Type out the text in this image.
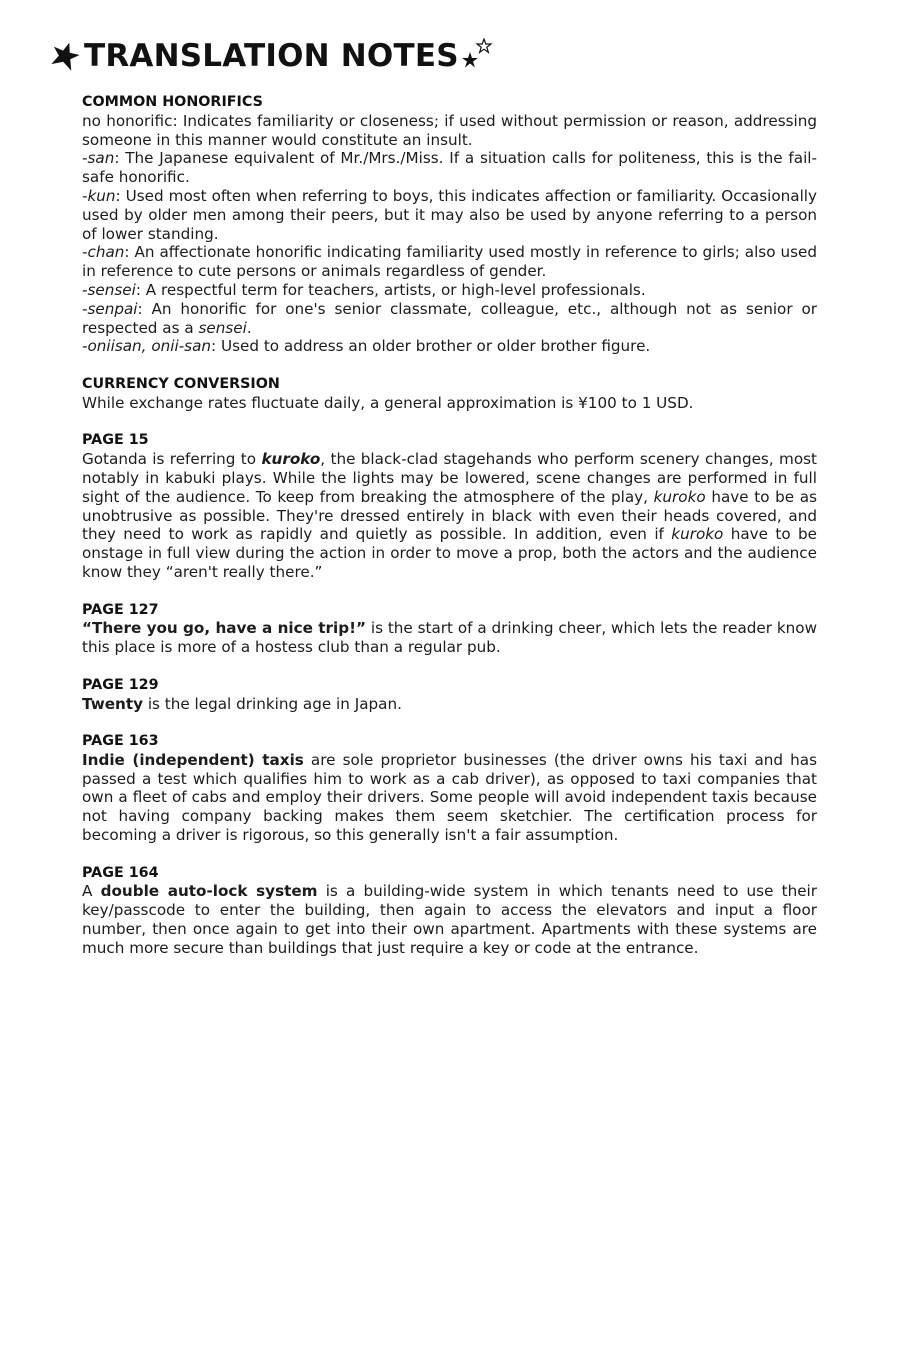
TRANSLATION NOTES
COMMON HONORIFICS

no honorific: Indicates familiarity or closeness; if used without permission or reason, addressing someone in this manner would constitute an insult.

-san: The Japanese equivalent of Mr./Mrs./Miss. If a situation calls for politeness, this is the fail-safe honorific.

-kun: Used most often when referring to boys, this indicates affection or familiarity. Occasionally used by older men among their peers, but it may also be used by anyone referring to a person of lower standing.

-chan: An affectionate honorific indicating familiarity used mostly in reference to girls; also used in reference to cute persons or animals regardless of gender.

-sensei: A respectful term for teachers, artists, or high-level professionals.

-senpai: An honorific for one's senior classmate, colleague, etc., although not as senior or respected as a sensei.

-oniisan, onii-san: Used to address an older brother or older brother figure.

CURRENCY CONVERSION

While exchange rates fluctuate daily, a general approximation is ¥100 to 1 USD.

PAGE 15

Gotanda is referring to kuroko, the black-clad stagehands who perform scenery changes, most notably in kabuki plays. While the lights may be lowered, scene changes are performed in full sight of the audience. To keep from breaking the atmosphere of the play, kuroko have to be as unobtrusive as possible. They're dressed entirely in black with even their heads covered, and they need to work as rapidly and quietly as possible. In addition, even if kuroko have to be onstage in full view during the action in order to move a prop, both the actors and the audience know they “aren't really there.”

PAGE 127

“There you go, have a nice trip!” is the start of a drinking cheer, which lets the reader know this place is more of a hostess club than a regular pub.

PAGE 129

Twenty is the legal drinking age in Japan.

PAGE 163

Indie (independent) taxis are sole proprietor businesses (the driver owns his taxi and has passed a test which qualifies him to work as a cab driver), as opposed to taxi companies that own a fleet of cabs and employ their drivers. Some people will avoid independent taxis because not having company backing makes them seem sketchier. The certification process for becoming a driver is rigorous, so this generally isn't a fair assumption.

PAGE 164

A double auto-lock system is a building-wide system in which tenants need to use their key/passcode to enter the building, then again to access the elevators and input a floor number, then once again to get into their own apartment. Apartments with these systems are much more secure than buildings that just require a key or code at the entrance.
